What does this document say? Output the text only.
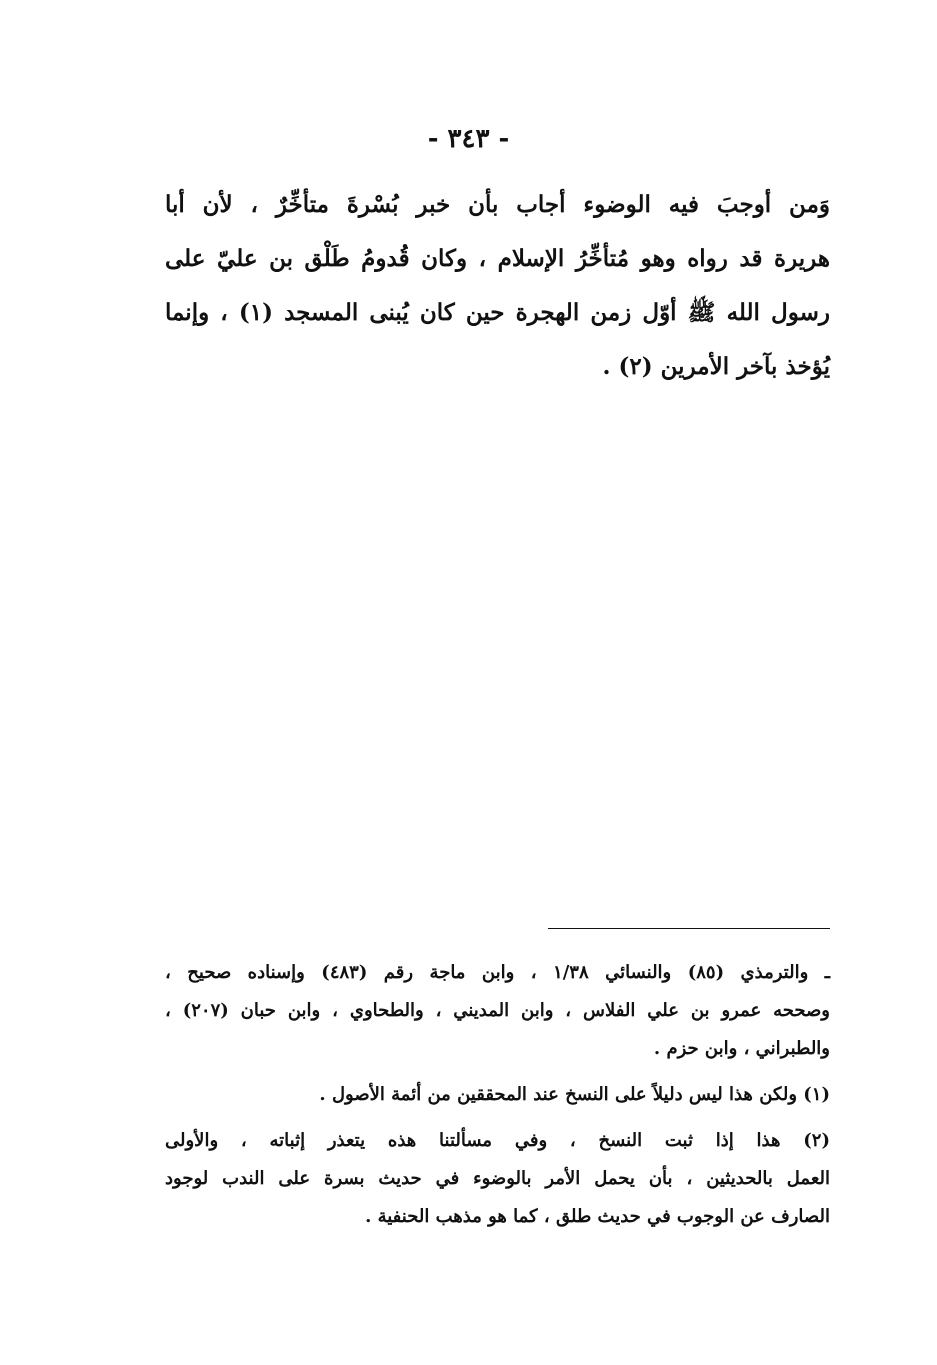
- ٣٤٣ -
وَمن أوجبَ فيه الوضوء أجاب بأن خبر بُسْرةَ متأخِّرٌ ، لأن أبا
هريرة قد رواه وهو مُتأخِّرُ الإسلام ، وكان قُدومُ طَلْق بن عليّ على
رسول الله ﷺ أوّل زمن الهجرة حين كان يُبنى المسجد (١) ، وإنما
يُؤخذ بآخر الأمرين (٢) .
ـ والترمذي (٨٥) والنسائي ١/٣٨ ، وابن ماجة رقم (٤٨٣) وإسناده صحيح ،
وصححه عمرو بن علي الفلاس ، وابن المديني ، والطحاوي ، وابن حبان (٢٠٧) ،
والطبراني ، وابن حزم .
(١) ولكن هذا ليس دليلاً على النسخ عند المحققين من أئمة الأصول .
(٢) هذا إذا ثبت النسخ ، وفي مسألتنا هذه يتعذر إثباته ، والأولى
العمل بالحديثين ، بأن يحمل الأمر بالوضوء في حديث بسرة على الندب لوجود
الصارف عن الوجوب في حديث طلق ، كما هو مذهب الحنفية .
